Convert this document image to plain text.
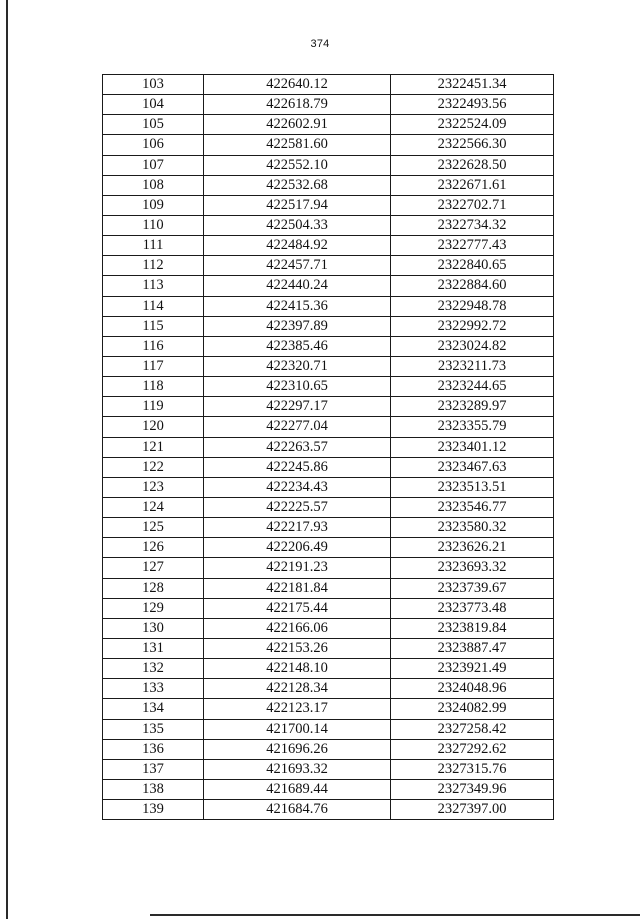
374
103	422640.12	2322451.34
104	422618.79	2322493.56
105	422602.91	2322524.09
106	422581.60	2322566.30
107	422552.10	2322628.50
108	422532.68	2322671.61
109	422517.94	2322702.71
110	422504.33	2322734.32
111	422484.92	2322777.43
112	422457.71	2322840.65
113	422440.24	2322884.60
114	422415.36	2322948.78
115	422397.89	2322992.72
116	422385.46	2323024.82
117	422320.71	2323211.73
118	422310.65	2323244.65
119	422297.17	2323289.97
120	422277.04	2323355.79
121	422263.57	2323401.12
122	422245.86	2323467.63
123	422234.43	2323513.51
124	422225.57	2323546.77
125	422217.93	2323580.32
126	422206.49	2323626.21
127	422191.23	2323693.32
128	422181.84	2323739.67
129	422175.44	2323773.48
130	422166.06	2323819.84
131	422153.26	2323887.47
132	422148.10	2323921.49
133	422128.34	2324048.96
134	422123.17	2324082.99
135	421700.14	2327258.42
136	421696.26	2327292.62
137	421693.32	2327315.76
138	421689.44	2327349.96
139	421684.76	2327397.00
